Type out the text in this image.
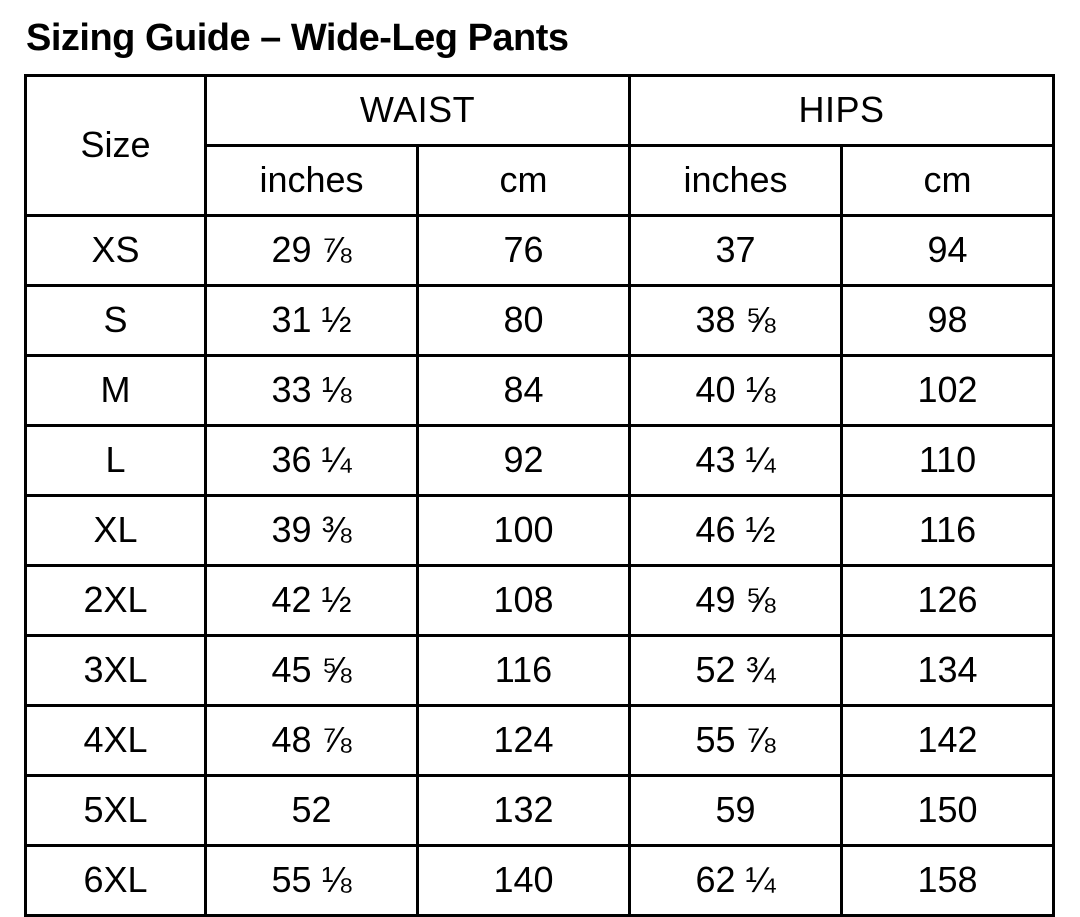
Sizing Guide – Wide-Leg Pants
Size	WAIST		HIPS	
	inches	cm	inches	cm
XS	29 ⅞	76	37	94
S	31 ½	80	38 ⅝	98
M	33 ⅛	84	40 ⅛	102
L	36 ¼	92	43 ¼	110
XL	39 ⅜	100	46 ½	116
2XL	42 ½	108	49 ⅝	126
3XL	45 ⅝	116	52 ¾	134
4XL	48 ⅞	124	55 ⅞	142
5XL	52	132	59	150
6XL	55 ⅛	140	62 ¼	158
